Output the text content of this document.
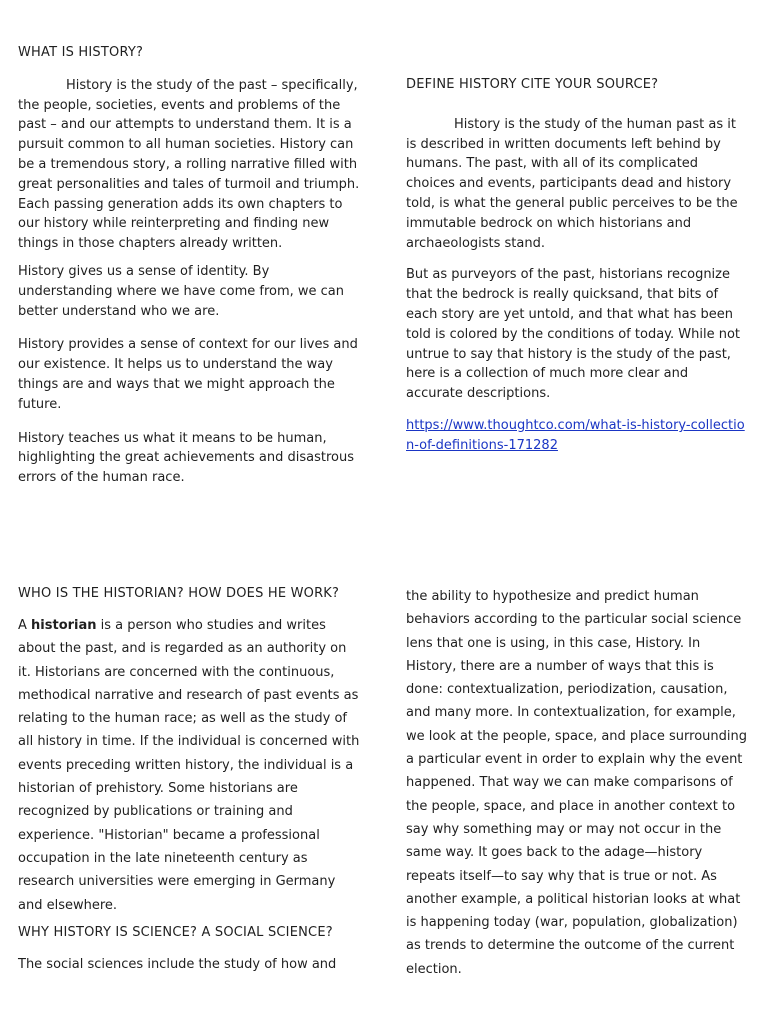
WHAT IS HISTORY?

History is the study of the past – specifically, the people, societies, events and problems of the past – and our attempts to understand them. It is a pursuit common to all human societies. History can be a tremendous story, a rolling narrative filled with great personalities and tales of turmoil and triumph. Each passing generation adds its own chapters to our history while reinterpreting and finding new things in those chapters already written.

History gives us a sense of identity. By understanding where we have come from, we can better understand who we are.

History provides a sense of context for our lives and our existence. It helps us to understand the way things are and ways that we might approach the future.

History teaches us what it means to be human, highlighting the great achievements and disastrous errors of the human race.

DEFINE HISTORY CITE YOUR SOURCE?

History is the study of the human past as it is described in written documents left behind by humans. The past, with all of its complicated choices and events, participants dead and history told, is what the general public perceives to be the immutable bedrock on which historians and archaeologists stand.

But as purveyors of the past, historians recognize that the bedrock is really quicksand, that bits of each story are yet untold, and that what has been told is colored by the conditions of today. While not untrue to say that history is the study of the past, here is a collection of much more clear and accurate descriptions.

https://www.thoughtco.com/what-is-history-collection-of-definitions-171282

WHO IS THE HISTORIAN? HOW DOES HE WORK?

A historian is a person who studies and writes about the past, and is regarded as an authority on it. Historians are concerned with the continuous, methodical narrative and research of past events as relating to the human race; as well as the study of all history in time. If the individual is concerned with events preceding written history, the individual is a historian of prehistory. Some historians are recognized by publications or training and experience. "Historian" became a professional occupation in the late nineteenth century as research universities were emerging in Germany and elsewhere.

WHY HISTORY IS SCIENCE? A SOCIAL SCIENCE?

The social sciences include the study of how and

the ability to hypothesize and predict human behaviors according to the particular social science lens that one is using, in this case, History. In History, there are a number of ways that this is done: contextualization, periodization, causation, and many more. In contextualization, for example, we look at the people, space, and place surrounding a particular event in order to explain why the event happened. That way we can make comparisons of the people, space, and place in another context to say why something may or may not occur in the same way. It goes back to the adage—history repeats itself—to say why that is true or not. As another example, a political historian looks at what is happening today (war, population, globalization) as trends to determine the outcome of the current election.
